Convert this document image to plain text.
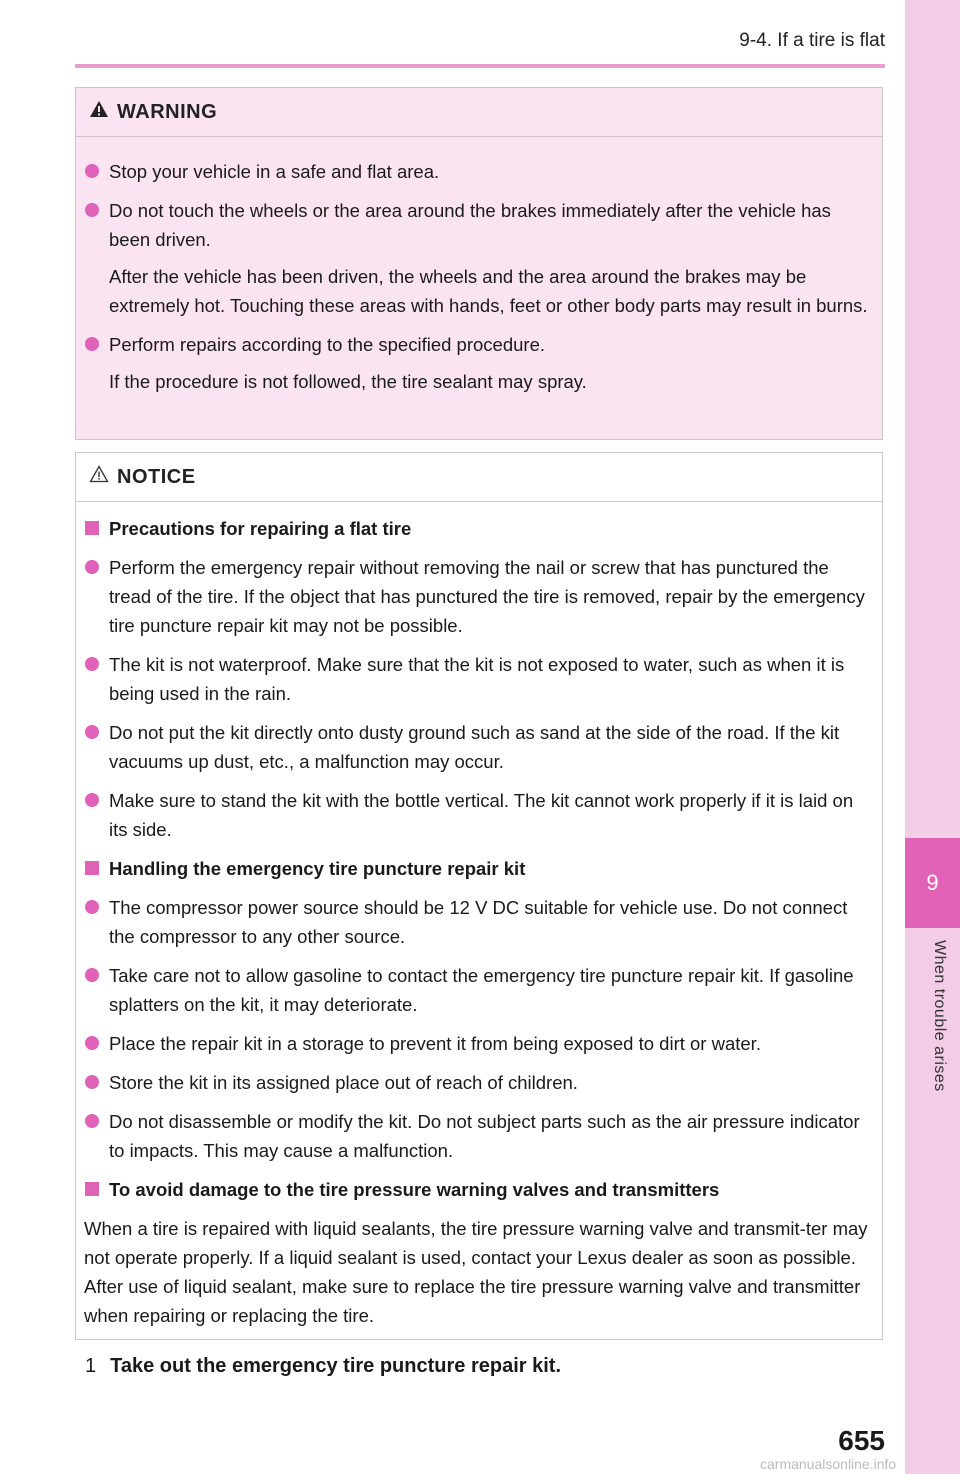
9
When trouble arises
9-4. If a tire is flat
WARNING
Stop your vehicle in a safe and flat area.
Do not touch the wheels or the area around the brakes immediately after the vehicle has been driven.
After the vehicle has been driven, the wheels and the area around the brakes may be extremely hot. Touching these areas with hands, feet or other body parts may result in burns.
Perform repairs according to the specified procedure.
If the procedure is not followed, the tire sealant may spray.
NOTICE
Precautions for repairing a flat tire
Perform the emergency repair without removing the nail or screw that has punctured the tread of the tire. If the object that has punctured the tire is removed, repair by the emergency tire puncture repair kit may not be possible.
The kit is not waterproof. Make sure that the kit is not exposed to water, such as when it is being used in the rain.
Do not put the kit directly onto dusty ground such as sand at the side of the road. If the kit vacuums up dust, etc., a malfunction may occur.
Make sure to stand the kit with the bottle vertical. The kit cannot work properly if it is laid on its side.
Handling the emergency tire puncture repair kit
The compressor power source should be 12 V DC suitable for vehicle use. Do not connect the compressor to any other source.
Take care not to allow gasoline to contact the emergency tire puncture repair kit. If gasoline splatters on the kit, it may deteriorate.
Place the repair kit in a storage to prevent it from being exposed to dirt or water.
Store the kit in its assigned place out of reach of children.
Do not disassemble or modify the kit. Do not subject parts such as the air pressure indicator to impacts. This may cause a malfunction.
To avoid damage to the tire pressure warning valves and transmitters
When a tire is repaired with liquid sealants, the tire pressure warning valve and transmit-ter may not operate properly. If a liquid sealant is used, contact your Lexus dealer as soon as possible. After use of liquid sealant, make sure to replace the tire pressure warning valve and transmitter when repairing or replacing the tire.
1 Take out the emergency tire puncture repair kit.
655
carmanualsonline.info
